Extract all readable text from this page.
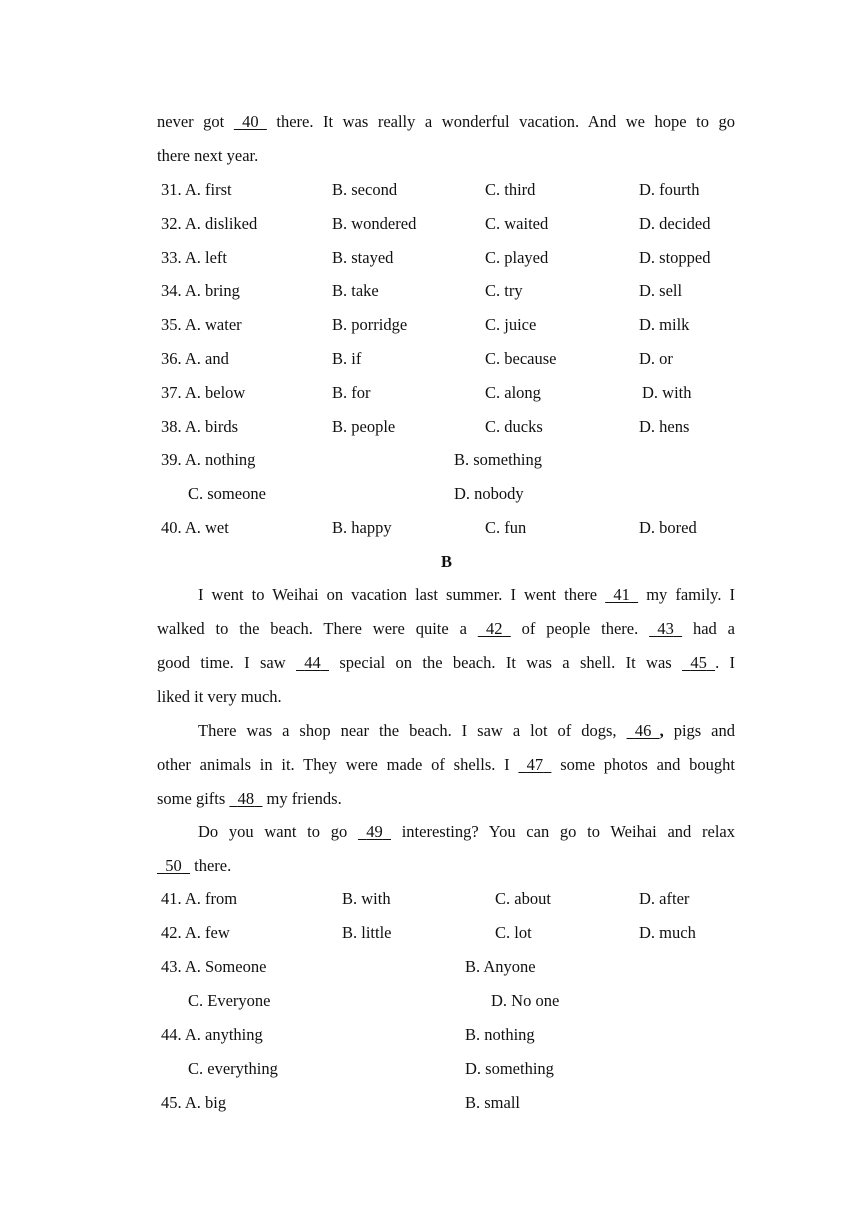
never got 40 there. It was really a wonderful vacation. And we hope to go
there next year.
31. A. first	B. second	C. third	D. fourth
32. A. disliked	B. wondered	C. waited	D. decided
33. A. left	B. stayed	C. played	D. stopped
34. A. bring	B. take	C. try	D. sell
35. A. water	B. porridge	C. juice	D. milk
36. A. and	B. if	C. because	D. or
37. A. below	B. for	C. along	D. with
38. A. birds	B. people	C. ducks	D. hens
39. A. nothing	B. something
C. someone	D. nobody
40. A. wet	B. happy	C. fun	D. bored
B
I went to Weihai on vacation last summer. I went there 41 my family. I
walked to the beach. There were quite a 42 of people there. 43 had a
good time. I saw 44 special on the beach. It was a shell. It was 45 . I
liked it very much.
There was a shop near the beach. I saw a lot of dogs, 46 , pigs and
other animals in it. They were made of shells. I 47 some photos and bought
some gifts 48 my friends.
Do you want to go 49 interesting? You can go to Weihai and relax
50 there.
41. A. from	B. with	C. about	D. after
42. A. few	B. little	C. lot	D. much
43. A. Someone	B. Anyone
C. Everyone	D. No one
44. A. anything	B. nothing
C. everything	D. something
45. A. big	B. small
